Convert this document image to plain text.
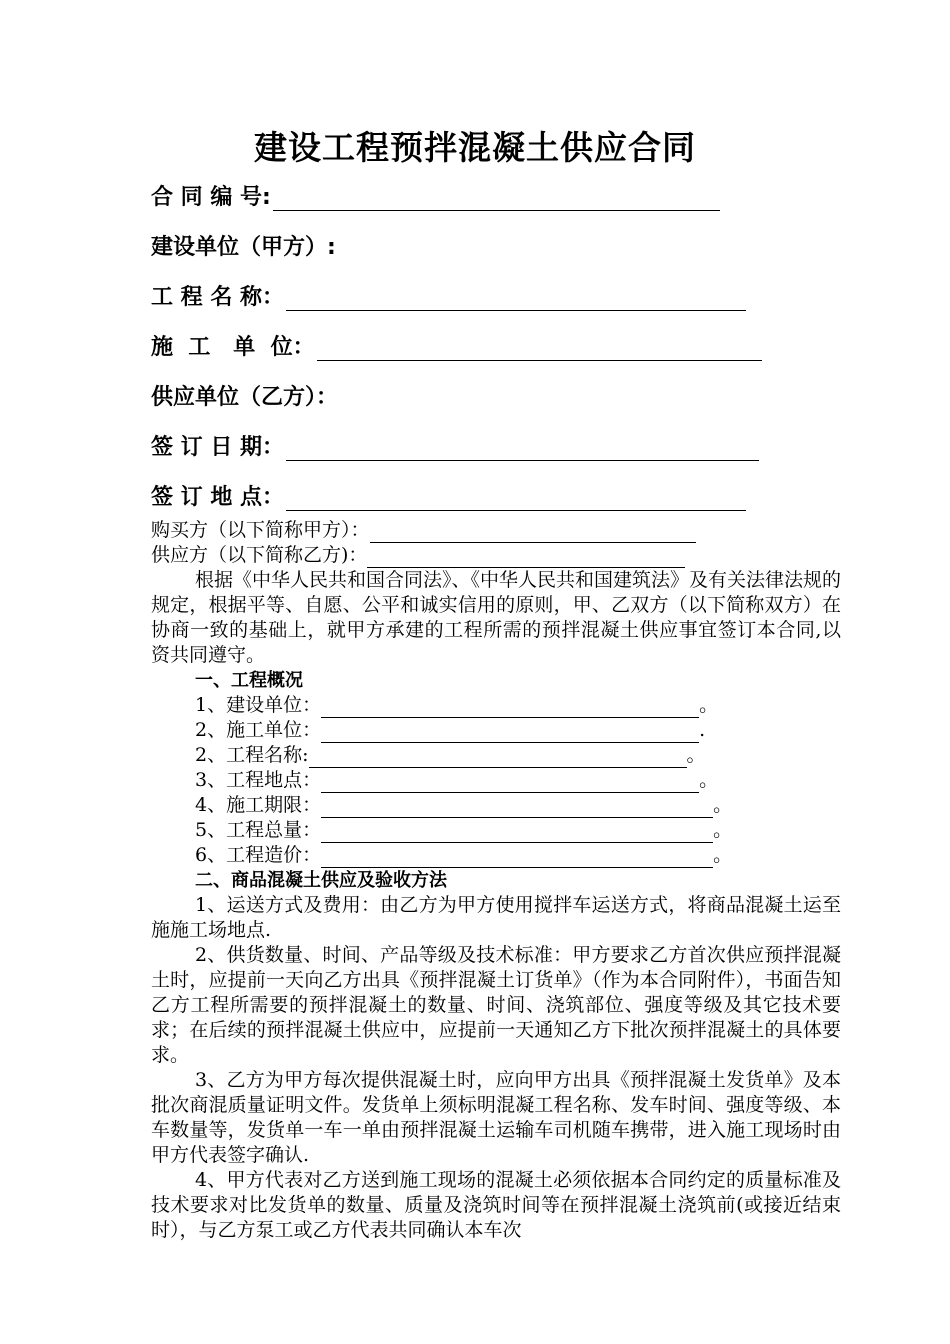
建设工程预拌混凝土供应合同
合 同 编 号:
建设单位（甲方）:
工 程 名 称：
施  工   单  位：
供应单位（乙方）：
签 订 日 期：
签 订 地 点：
购买方（以下简称甲方）：
供应方（以下简称乙方)：

根据《中华人民共和国合同法》、《中华人民共和国建筑法》及有关法律法规的规定，根据平等、自愿、公平和诚实信用的原则，甲、乙双方（以下简称双方）在协商一致的基础上，就甲方承建的工程所需的预拌混凝土供应事宜签订本合同,以资共同遵守。

一、工程概况
1、建设单位：	。
2、施工单位：	.
2、工程名称:	。
3、工程地点：	。
4、施工期限：	。
5、工程总量：	。
6、工程造价：	。
二、商品混凝土供应及验收方法

1、运送方式及费用：由乙方为甲方使用搅拌车运送方式，将商品混凝土运至施施工场地点.

2、供货数量、时间、产品等级及技术标准：甲方要求乙方首次供应预拌混凝土时，应提前一天向乙方出具《预拌混凝土订货单》（作为本合同附件），书面告知乙方工程所需要的预拌混凝土的数量、时间、浇筑部位、强度等级及其它技术要求；在后续的预拌混凝土供应中，应提前一天通知乙方下批次预拌混凝土的具体要求。

3、乙方为甲方每次提供混凝土时，应向甲方出具《预拌混凝土发货单》及本批次商混质量证明文件。发货单上须标明混凝工程名称、发车时间、强度等级、本车数量等，发货单一车一单由预拌混凝土运输车司机随车携带，进入施工现场时由甲方代表签字确认.

4、甲方代表对乙方送到施工现场的混凝土必须依据本合同约定的质量标准及技术要求对比发货单的数量、质量及浇筑时间等在预拌混凝土浇筑前(或接近结束时），与乙方泵工或乙方代表共同确认本车次
